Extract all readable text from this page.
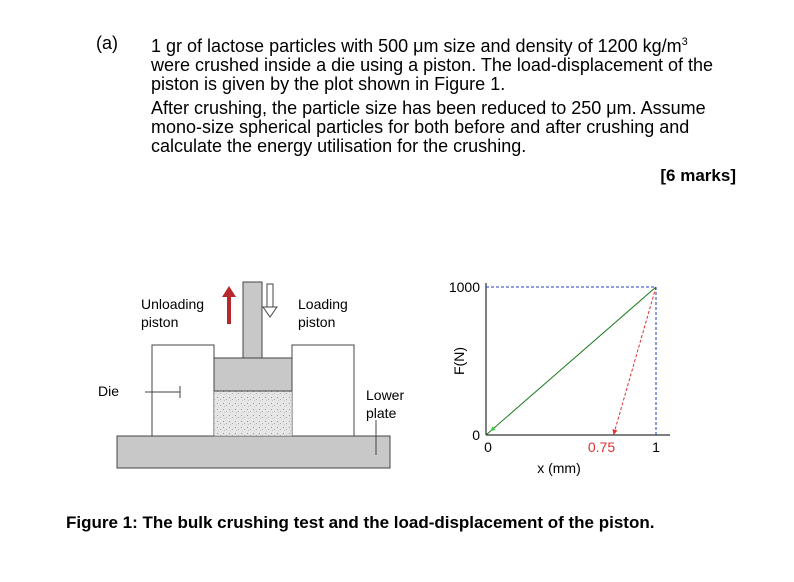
(a) 1 gr of lactose particles with 500 μm size and density of 1200 $kg/m^3$
were crushed inside a die using a piston. The load-displacement of the
piston is given by the plot shown in Figure 1.
After crushing, the particle size has been reduced to 250 μm. Assume
mono-size spherical particles for both before and after crushing and
calculate the energy utilisation for the crushing.
[6 marks]
Unloading
piston
Loading
piston
Die	Lower
plate
0	0.75	1
0
1000
F(N)
x (mm)
Figure 1: The bulk crushing test and the load-displacement of the piston.
